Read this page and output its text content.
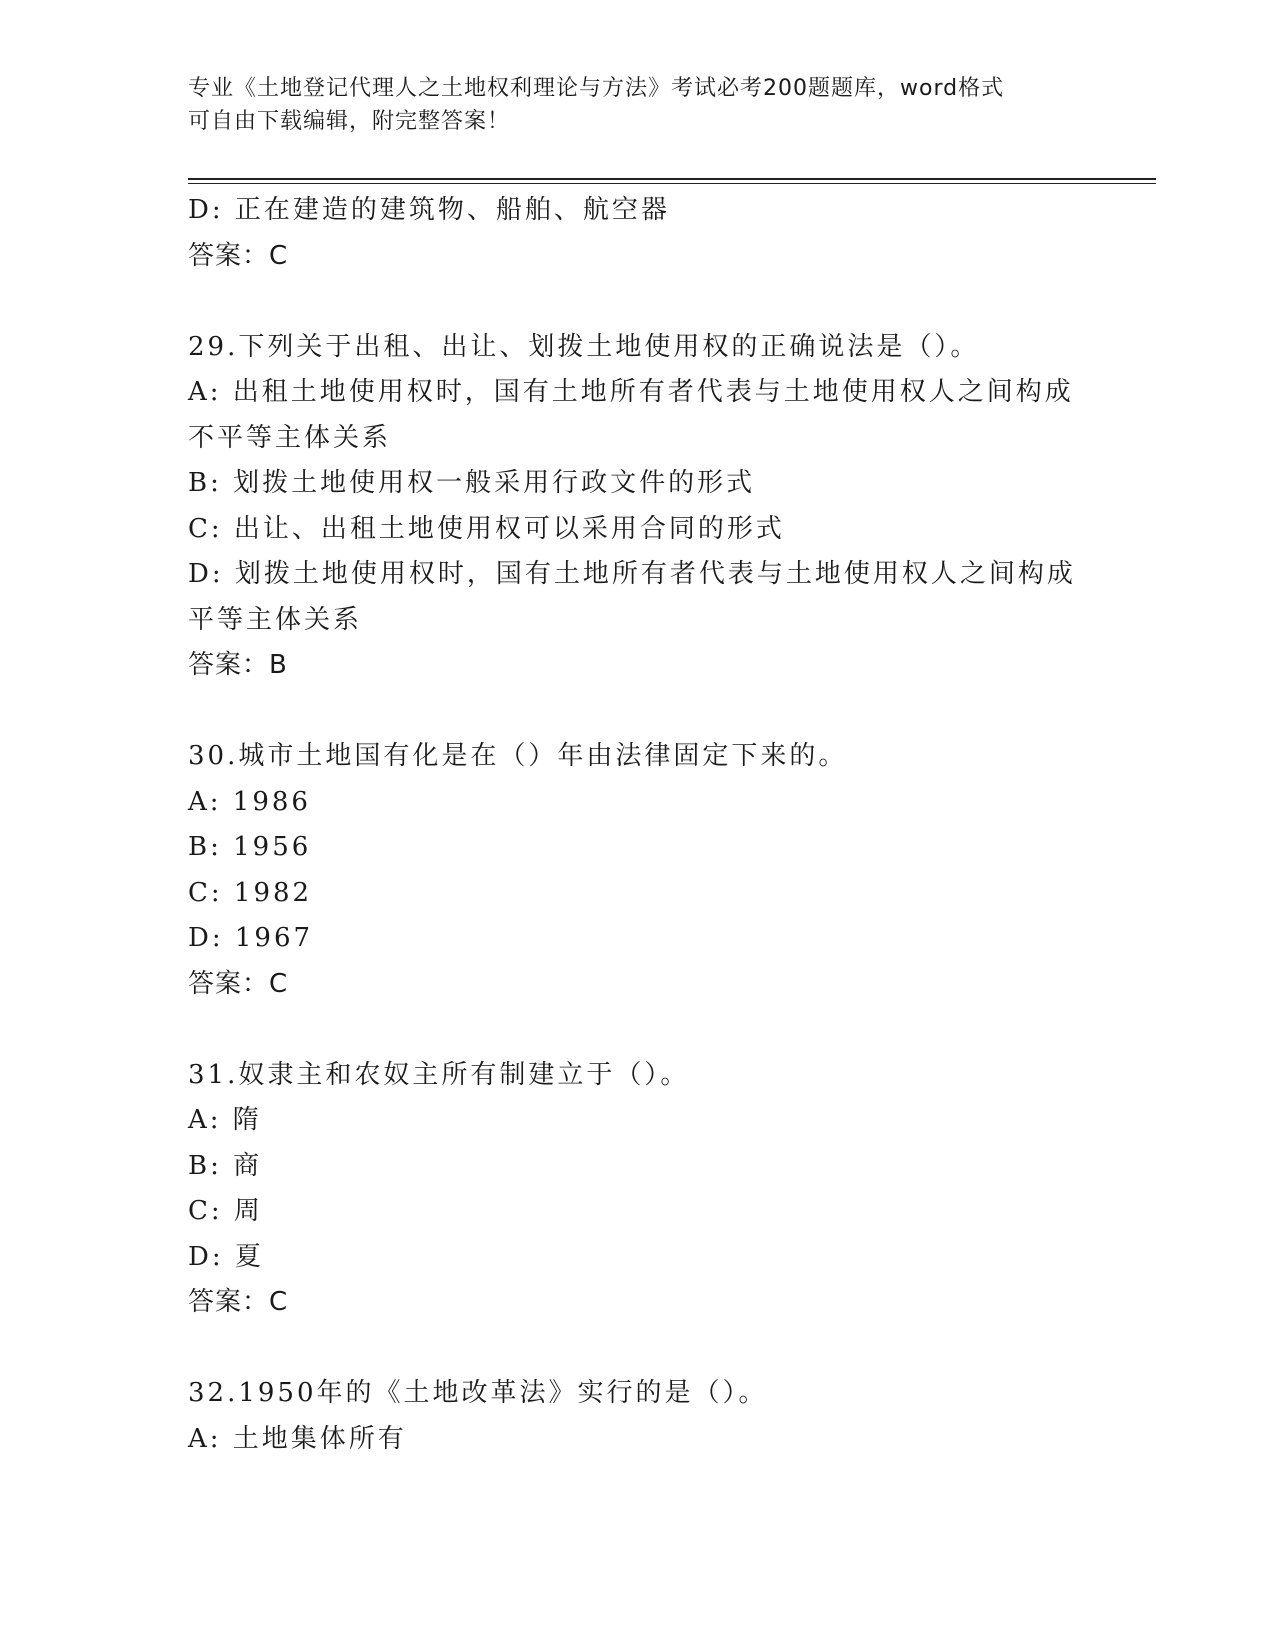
专业《土地登记代理人之土地权利理论与方法》考试必考200题题库，word格式
可自由下载编辑，附完整答案！
D: 正在建造的建筑物、船舶、航空器
答案：C
29.下列关于出租、出让、划拨土地使用权的正确说法是（）。
A: 出租土地使用权时，国有土地所有者代表与土地使用权人之间构成
不平等主体关系
B: 划拨土地使用权一般采用行政文件的形式
C: 出让、出租土地使用权可以采用合同的形式
D: 划拨土地使用权时，国有土地所有者代表与土地使用权人之间构成
平等主体关系
答案：B
30.城市土地国有化是在（）年由法律固定下来的。
A: 1986
B: 1956
C: 1982
D: 1967
答案：C
31.奴隶主和农奴主所有制建立于（）。
A: 隋
B: 商
C: 周
D: 夏
答案：C
32.1950年的《土地改革法》实行的是（）。
A: 土地集体所有
